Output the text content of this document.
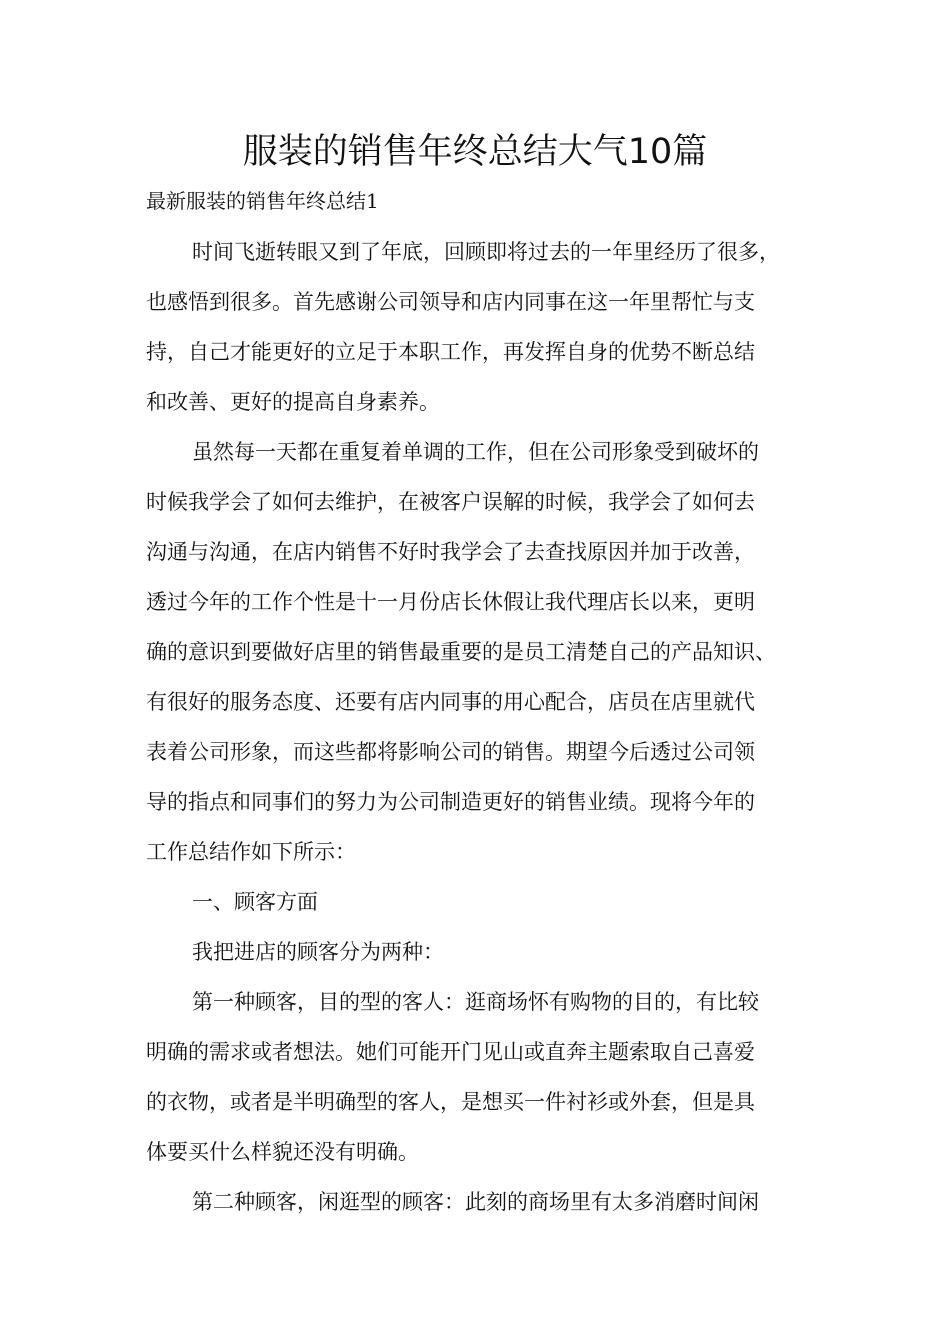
服装的销售年终总结大气10篇

最新服装的销售年终总结1

时间飞逝转眼又到了年底，回顾即将过去的一年里经历了很多，

也感悟到很多。首先感谢公司领导和店内同事在这一年里帮忙与支

持，自己才能更好的立足于本职工作，再发挥自身的优势不断总结

和改善、更好的提高自身素养。

虽然每一天都在重复着单调的工作，但在公司形象受到破坏的

时候我学会了如何去维护，在被客户误解的时候，我学会了如何去

沟通与沟通，在店内销售不好时我学会了去查找原因并加于改善，

透过今年的工作个性是十一月份店长休假让我代理店长以来，更明

确的意识到要做好店里的销售最重要的是员工清楚自己的产品知识、

有很好的服务态度、还要有店内同事的用心配合，店员在店里就代

表着公司形象，而这些都将影响公司的销售。期望今后透过公司领

导的指点和同事们的努力为公司制造更好的销售业绩。现将今年的

工作总结作如下所示：

一、顾客方面

我把进店的顾客分为两种：

第一种顾客，目的型的客人：逛商场怀有购物的目的，有比较

明确的需求或者想法。她们可能开门见山或直奔主题索取自己喜爱

的衣物，或者是半明确型的客人，是想买一件衬衫或外套，但是具

体要买什么样貌还没有明确。

第二种顾客，闲逛型的顾客：此刻的商场里有太多消磨时间闲
